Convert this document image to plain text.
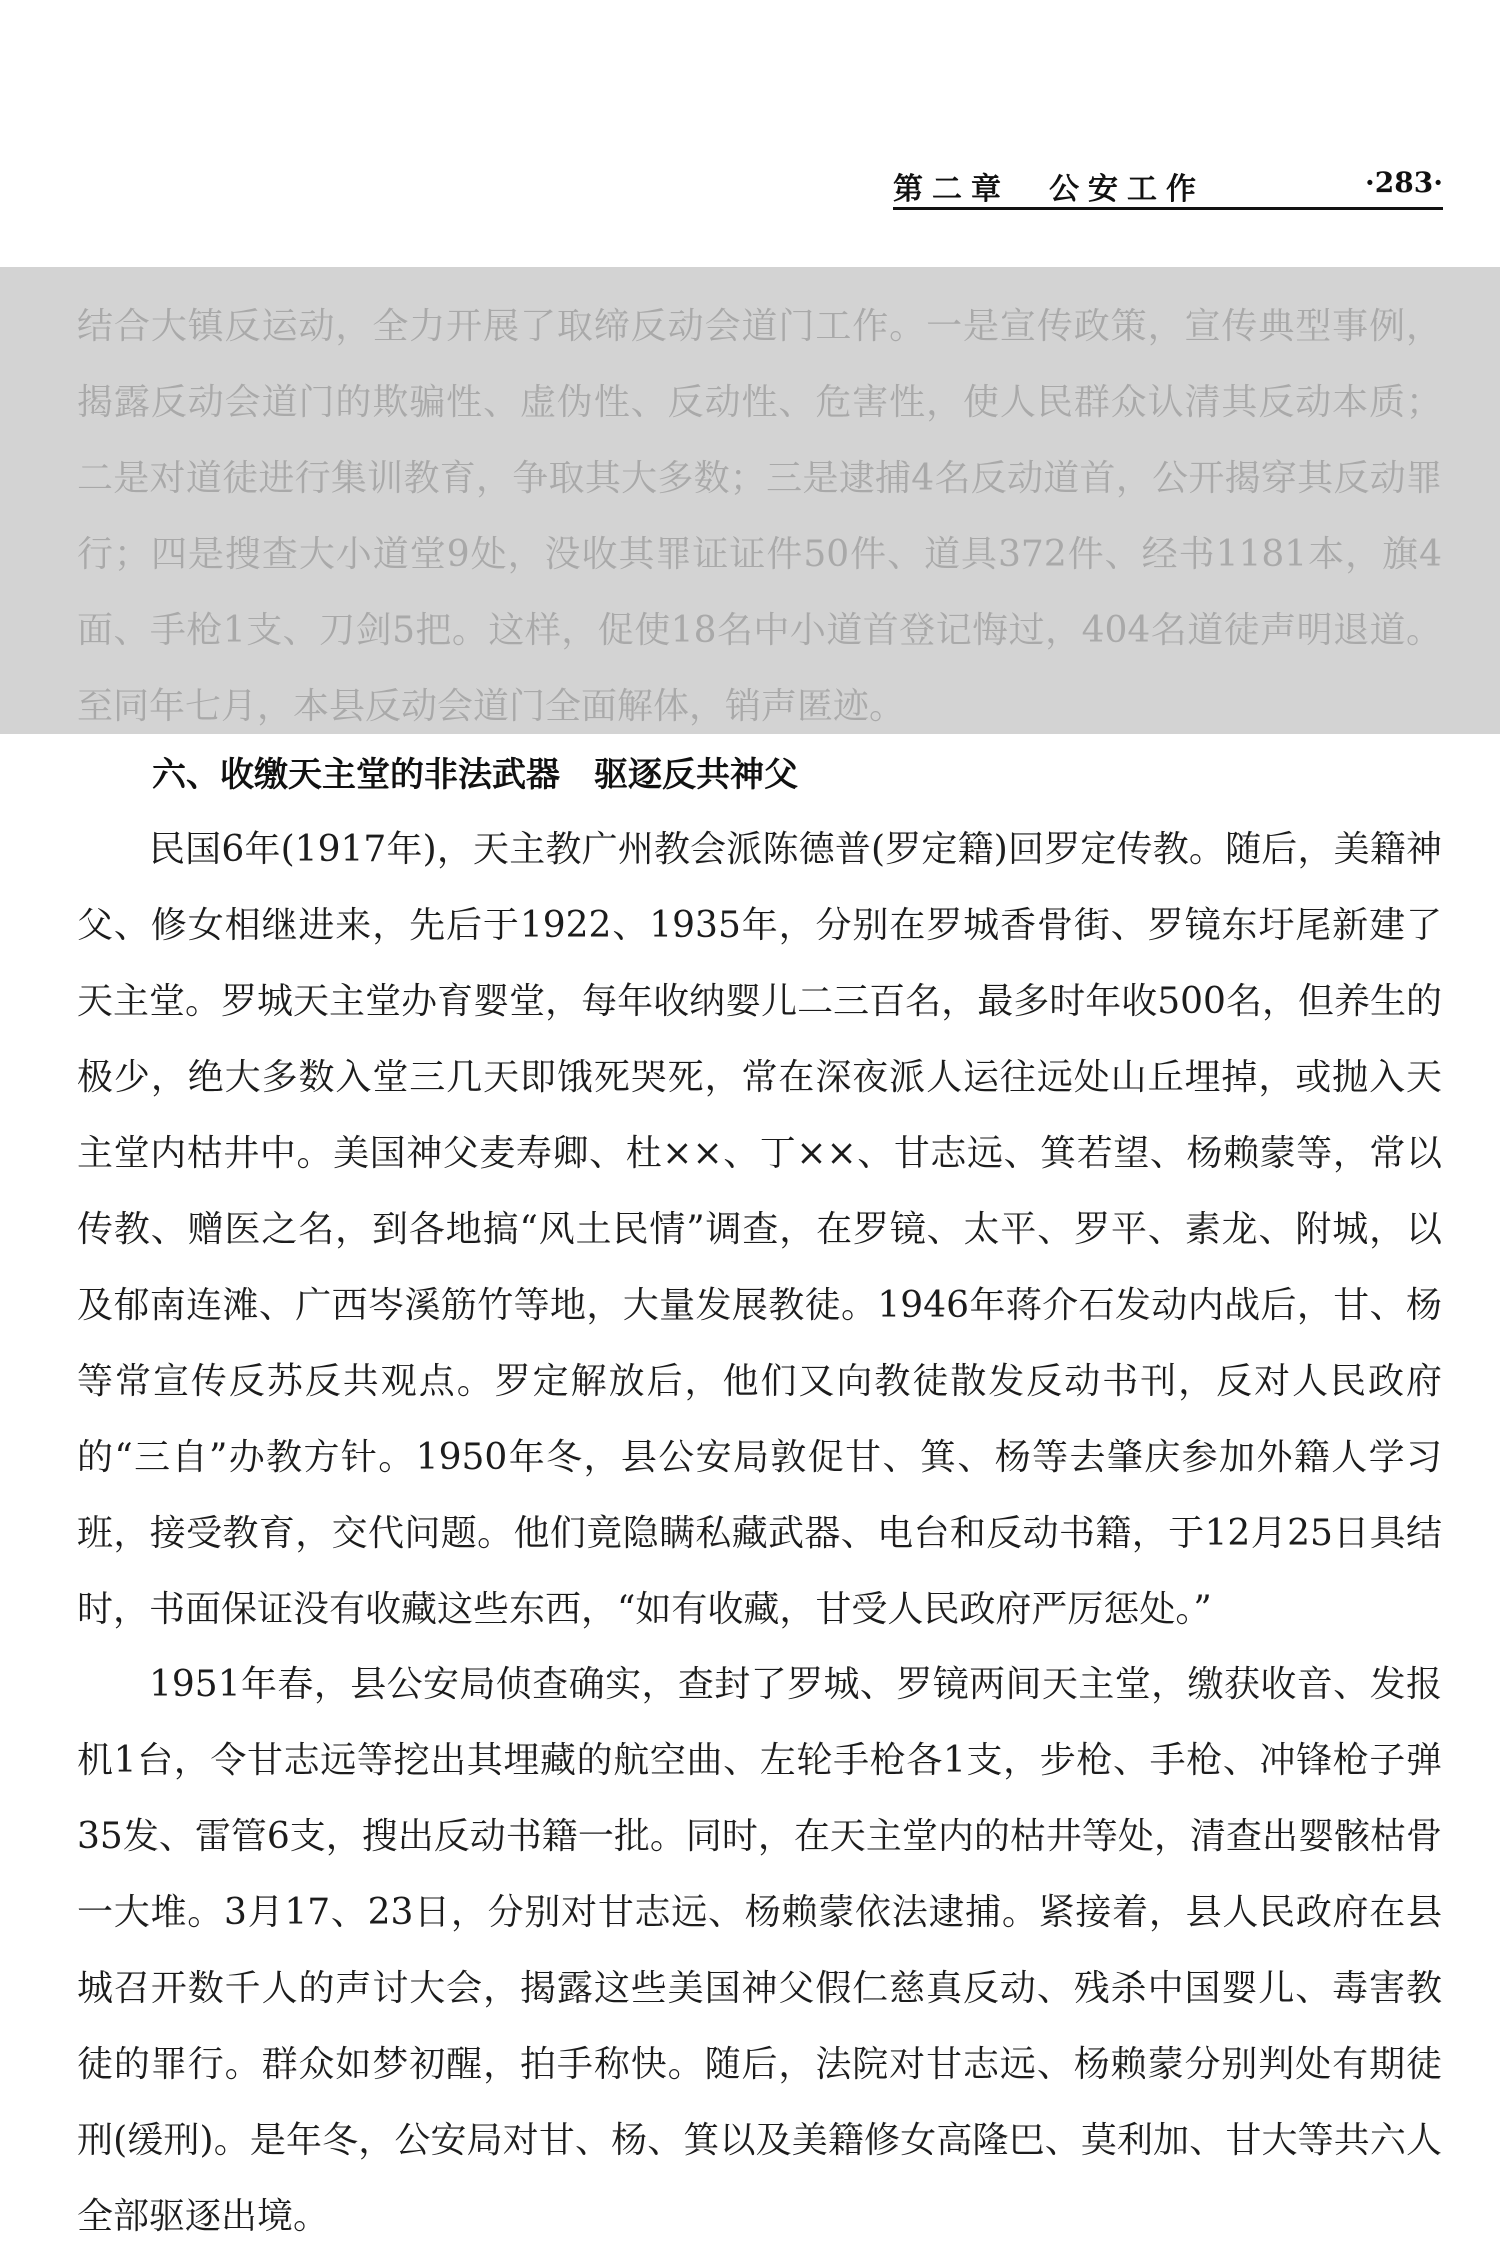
第二章　公安工作	·283·

结合大镇反运动，全力开展了取缔反动会道门工作。一是宣传政策，宣传典型事例，揭露反动会道门的欺骗性、虚伪性、反动性、危害性，使人民群众认清其反动本质；二是对道徒进行集训教育，争取其大多数；三是逮捕4名反动道首，公开揭穿其反动罪行；四是搜查大小道堂9处，没收其罪证证件50件、道具372件、经书1181本，旗4面、手枪1支、刀剑5把。这样，促使18名中小道首登记悔过，404名道徒声明退道。至同年七月，本县反动会道门全面解体，销声匿迹。

六、收缴天主堂的非法武器　驱逐反共神父

民国6年(1917年)，天主教广州教会派陈德普(罗定籍)回罗定传教。随后，美籍神父、修女相继进来，先后于1922、1935年，分别在罗城香骨街、罗镜东圩尾新建了天主堂。罗城天主堂办育婴堂，每年收纳婴儿二三百名，最多时年收500名，但养生的极少，绝大多数入堂三几天即饿死哭死，常在深夜派人运往远处山丘埋掉，或抛入天主堂内枯井中。美国神父麦寿卿、杜××、丁××、甘志远、箕若望、杨赖蒙等，常以传教、赠医之名，到各地搞“风土民情”调查，在罗镜、太平、罗平、素龙、附城，以及郁南连滩、广西岑溪筋竹等地，大量发展教徒。1946年蒋介石发动内战后，甘、杨等常宣传反苏反共观点。罗定解放后，他们又向教徒散发反动书刊，反对人民政府的“三自”办教方针。1950年冬，县公安局敦促甘、箕、杨等去肇庆参加外籍人学习班，接受教育，交代问题。他们竟隐瞒私藏武器、电台和反动书籍，于12月25日具结时，书面保证没有收藏这些东西，“如有收藏，甘受人民政府严厉惩处。”

1951年春，县公安局侦查确实，查封了罗城、罗镜两间天主堂，缴获收音、发报机1台，令甘志远等挖出其埋藏的航空曲、左轮手枪各1支，步枪、手枪、冲锋枪子弹35发、雷管6支，搜出反动书籍一批。同时，在天主堂内的枯井等处，清查出婴骸枯骨一大堆。3月17、23日，分别对甘志远、杨赖蒙依法逮捕。紧接着，县人民政府在县城召开数千人的声讨大会，揭露这些美国神父假仁慈真反动、残杀中国婴儿、毒害教徒的罪行。群众如梦初醒，拍手称快。随后，法院对甘志远、杨赖蒙分别判处有期徒刑(缓刑)。是年冬，公安局对甘、杨、箕以及美籍修女高隆巴、莫利加、甘大等共六人全部驱逐出境。
